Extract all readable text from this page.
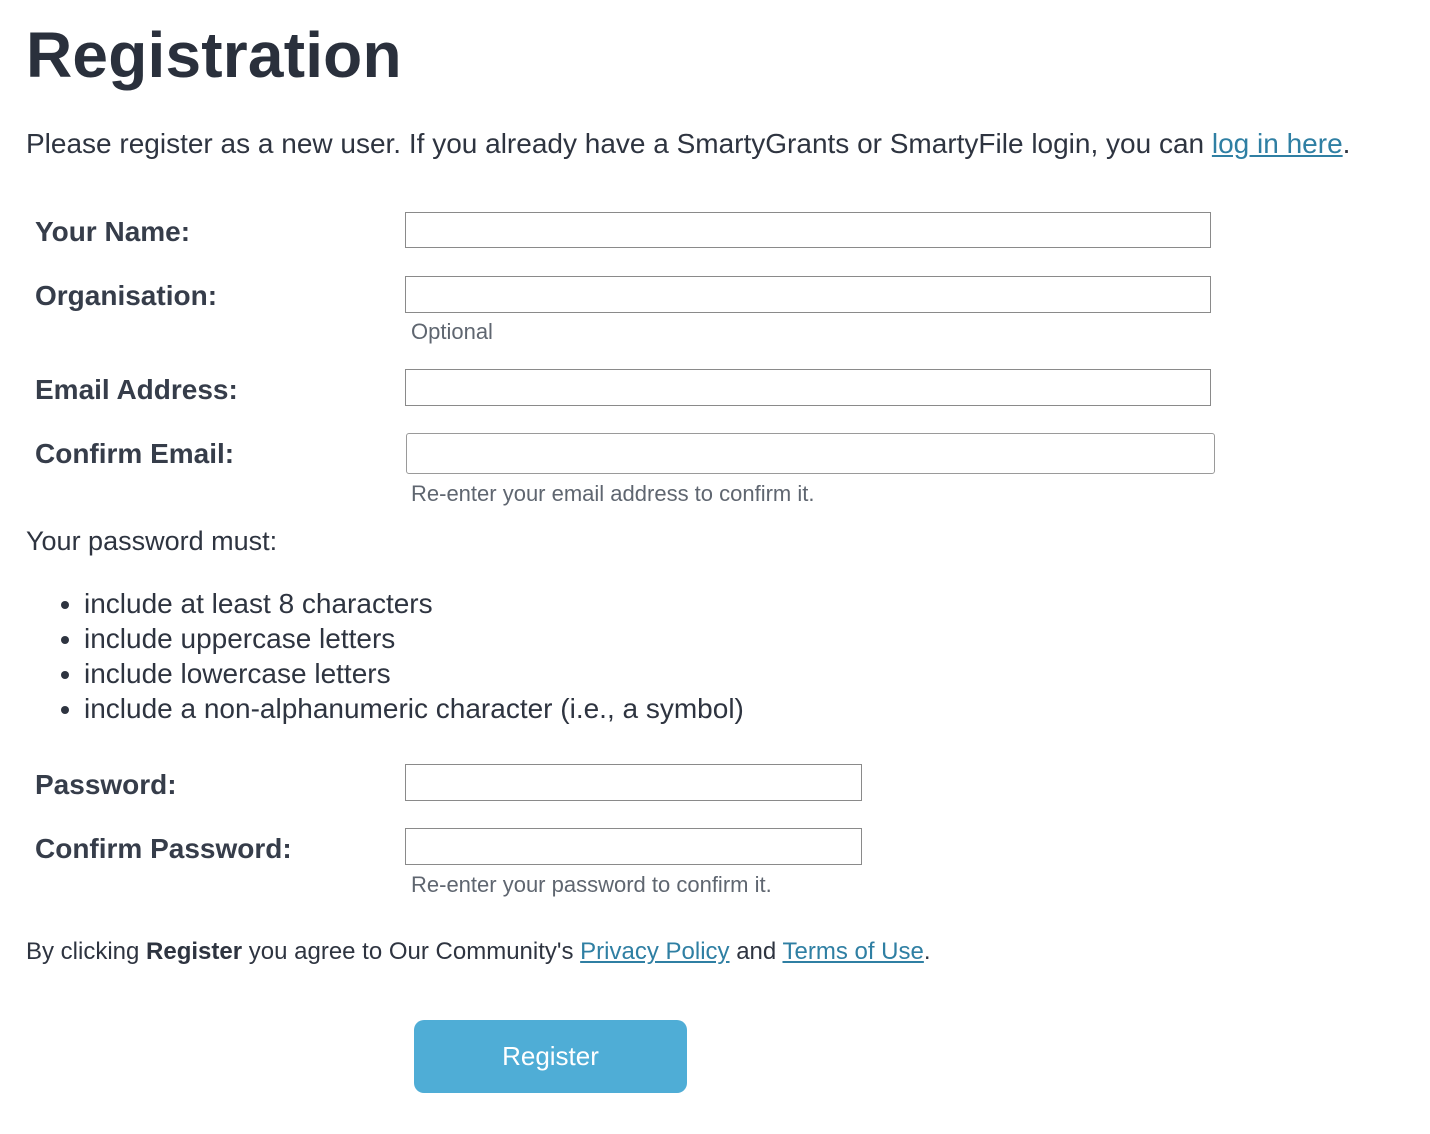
Registration
Please register as a new user. If you already have a SmartyGrants or SmartyFile login, you can log in here.
Your Name:
Organisation:
Optional
Email Address:
Confirm Email:
Re-enter your email address to confirm it.
Your password must:
• include at least 8 characters
• include uppercase letters
• include lowercase letters
• include a non-alphanumeric character (i.e., a symbol)
Password:
Confirm Password:
Re-enter your password to confirm it.
By clicking Register you agree to Our Community's Privacy Policy and Terms of Use.
Register
